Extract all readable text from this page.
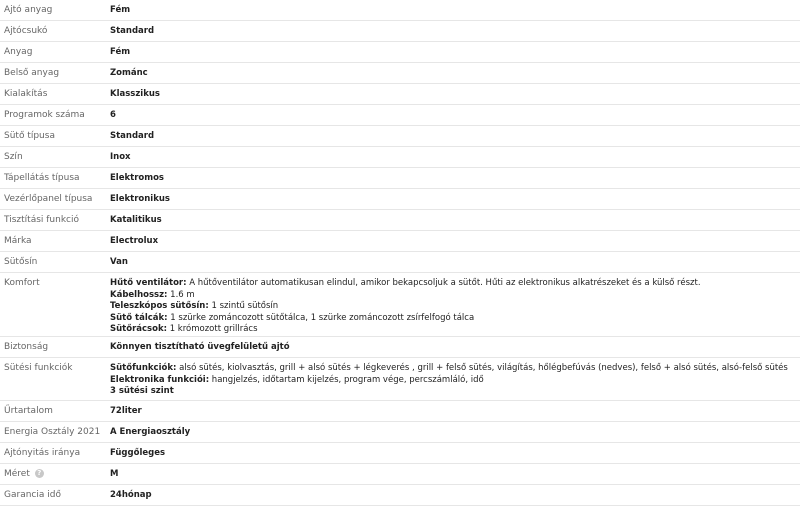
Ajtó anyag	Fém
Ajtócsukó	Standard
Anyag	Fém
Belső anyag	Zománc
Kialakítás	Klasszikus
Programok száma	6
Sütő típusa	Standard
Szín	Inox
Tápellátás típusa	Elektromos
Vezérlőpanel típusa	Elektronikus
Tisztítási funkció	Katalitikus
Márka	Electrolux
Sütősín	Van
Komfort	Hűtő ventilátor: A hűtőventilátor automatikusan elindul, amikor bekapcsoljuk a sütőt. Hűti az elektronikus alkatrészeket és a külső részt.
Kábelhossz: 1.6 m
Teleszkópos sütősín: 1 szintű sütősín
Sütő tálcák: 1 szürke zománcozott sütőtálca, 1 szürke zománcozott zsírfelfogó tálca
Sütőrácsok: 1 krómozott grillrács
Biztonság	Könnyen tisztítható üvegfelületű ajtó
Sütési funkciók	Sütőfunkciók: alsó sütés, kiolvasztás, grill + alsó sütés + légkeverés , grill + felső sütés, világítás, hőlégbefúvás (nedves), felső + alsó sütés, alsó-felső sütés
Elektronika funkciói: hangjelzés, időtartam kijelzés, program vége, percszámláló, idő
3 sütési szint
Űrtartalom	72liter
Energia Osztály 2021	A Energiaosztály
Ajtónyitás iránya	Függőleges
Méret ?	M
Garancia idő	24hónap
